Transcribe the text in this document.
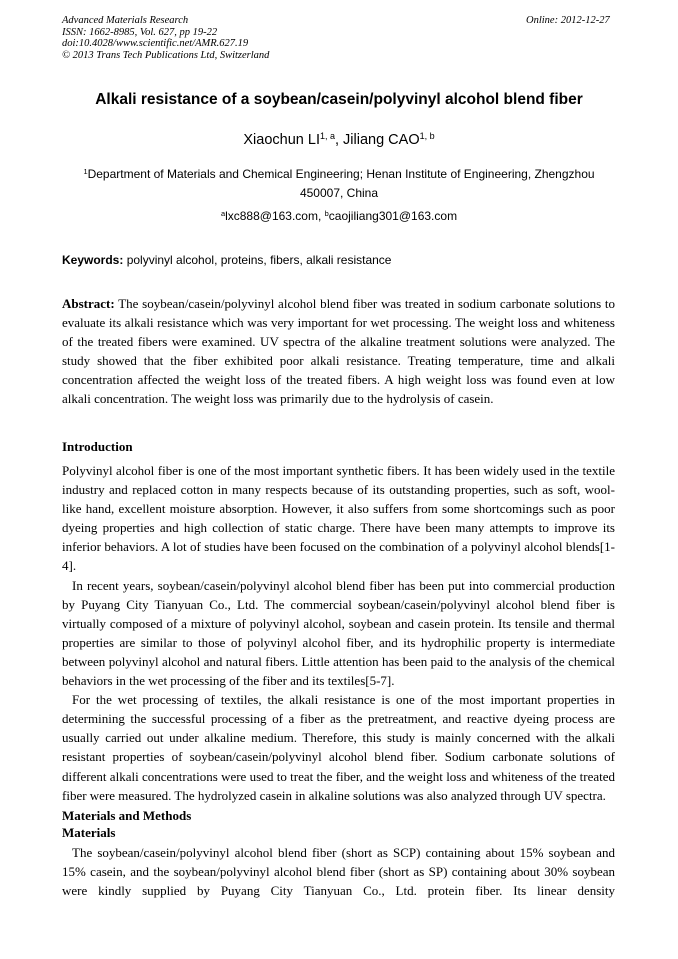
Advanced Materials Research
ISSN: 1662-8985, Vol. 627, pp 19-22
doi:10.4028/www.scientific.net/AMR.627.19
© 2013 Trans Tech Publications Ltd, Switzerland
Online: 2012-12-27
Alkali resistance of a soybean/casein/polyvinyl alcohol blend fiber
Xiaochun LI$^{1, a}$, Jiliang CAO$^{1, b}$
$^1$Department of Materials and Chemical Engineering; Henan Institute of Engineering, Zhengzhou 450007, China
$^a$lxc888@163.com, $^b$caojiliang301@163.com
Keywords: polyvinyl alcohol, proteins, fibers, alkali resistance

Abstract: The soybean/casein/polyvinyl alcohol blend fiber was treated in sodium carbonate solutions to evaluate its alkali resistance which was very important for wet processing. The weight loss and whiteness of the treated fibers were examined. UV spectra of the alkaline treatment solutions were analyzed. The study showed that the fiber exhibited poor alkali resistance. Treating temperature, time and alkali concentration affected the weight loss of the treated fibers. A high weight loss was found even at low alkali concentration. The weight loss was primarily due to the hydrolysis of casein.

Introduction

Polyvinyl alcohol fiber is one of the most important synthetic fibers. It has been widely used in the textile industry and replaced cotton in many respects because of its outstanding properties, such as soft, wool-like hand, excellent moisture absorption. However, it also suffers from some shortcomings such as poor dyeing properties and high collection of static charge. There have been many attempts to improve its inferior behaviors. A lot of studies have been focused on the combination of a polyvinyl alcohol blends[1-4].

In recent years, soybean/casein/polyvinyl alcohol blend fiber has been put into commercial production by Puyang City Tianyuan Co., Ltd. The commercial soybean/casein/polyvinyl alcohol blend fiber is virtually composed of a mixture of polyvinyl alcohol, soybean and casein protein. Its tensile and thermal properties are similar to those of polyvinyl alcohol fiber, and its hydrophilic property is intermediate between polyvinyl alcohol and natural fibers. Little attention has been paid to the analysis of the chemical behaviors in the wet processing of the fiber and its textiles[5-7].

For the wet processing of textiles, the alkali resistance is one of the most important properties in determining the successful processing of a fiber as the pretreatment, and reactive dyeing process are usually carried out under alkaline medium. Therefore, this study is mainly concerned with the alkali resistant properties of soybean/casein/polyvinyl alcohol blend fiber. Sodium carbonate solutions of different alkali concentrations were used to treat the fiber, and the weight loss and whiteness of the treated fiber were measured. The hydrolyzed casein in alkaline solutions was also analyzed through UV spectra.

Materials and Methods
Materials

The soybean/casein/polyvinyl alcohol blend fiber (short as SCP) containing about 15% soybean and 15% casein, and the soybean/polyvinyl alcohol blend fiber (short as SP) containing about 30% soybean were kindly supplied by Puyang City Tianyuan Co., Ltd. protein fiber. Its linear density
